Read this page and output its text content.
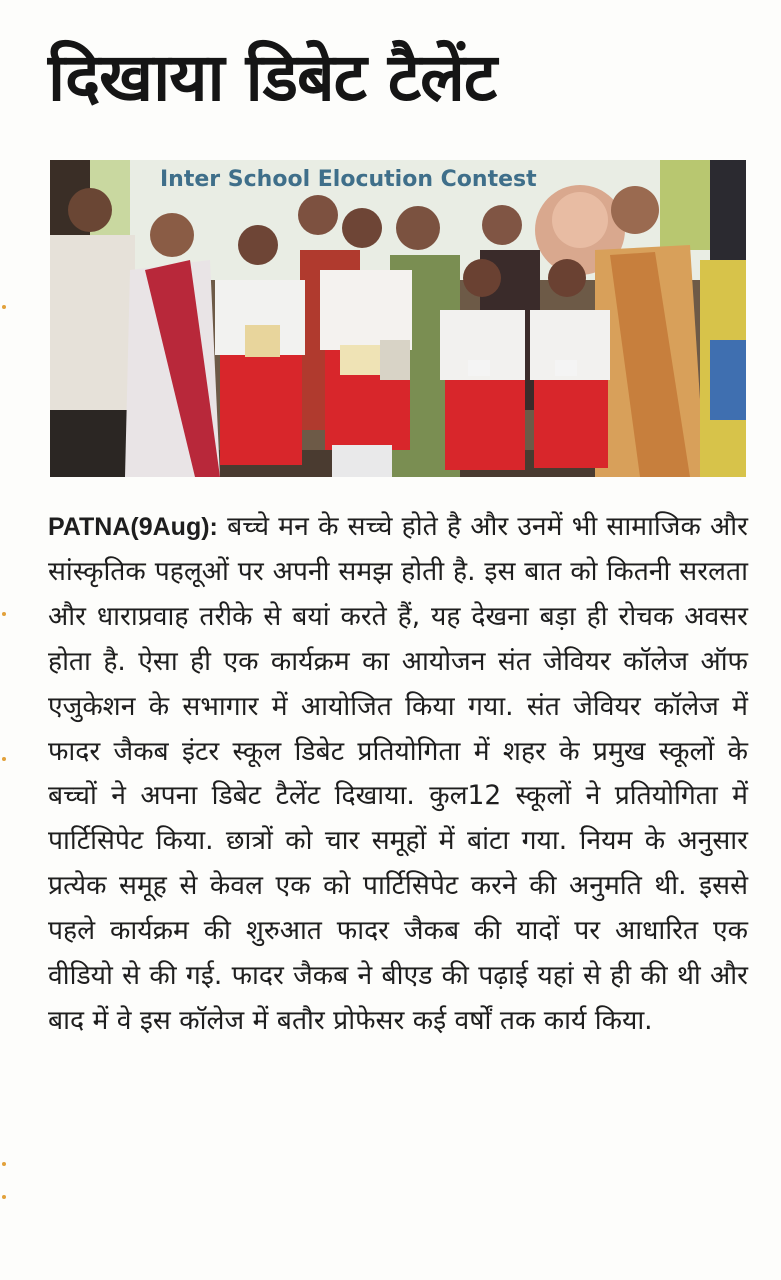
दिखाया डिबेट टैलेंट
Inter School Elocution Contest
PATNA(9Aug): बच्चे मन के सच्चे होते है और उनमें भी सामाजिक और सांस्कृतिक पहलूओं पर अपनी समझ होती है. इस बात को कितनी सरलता और धाराप्रवाह तरीके से बयां करते हैं, यह देखना बड़ा ही रोचक अवसर होता है. ऐसा ही एक कार्यक्रम का आयोजन संत जेवियर कॉलेज ऑफ एजुकेशन के सभागार में आयोजित किया गया. संत जेवियर कॉलेज में फादर जैकब इंटर स्कूल डिबेट प्रतियोगिता में शहर के प्रमुख स्कूलों के बच्चों ने अपना डिबेट टैलेंट दिखाया. कुल12 स्कूलों ने प्रतियोगिता में पार्टिसिपेट किया. छात्रों को चार समूहों में बांटा गया. नियम के अनुसार प्रत्येक समूह से केवल एक को पार्टिसिपेट करने की अनुमति थी. इससे पहले कार्यक्रम की शुरुआत फादर जैकब की यादों पर आधारित एक वीडियो से की गई. फादर जैकब ने बीएड की पढ़ाई यहां से ही की थी और बाद में वे इस कॉलेज में बतौर प्रोफेसर कई वर्षों तक कार्य किया.
